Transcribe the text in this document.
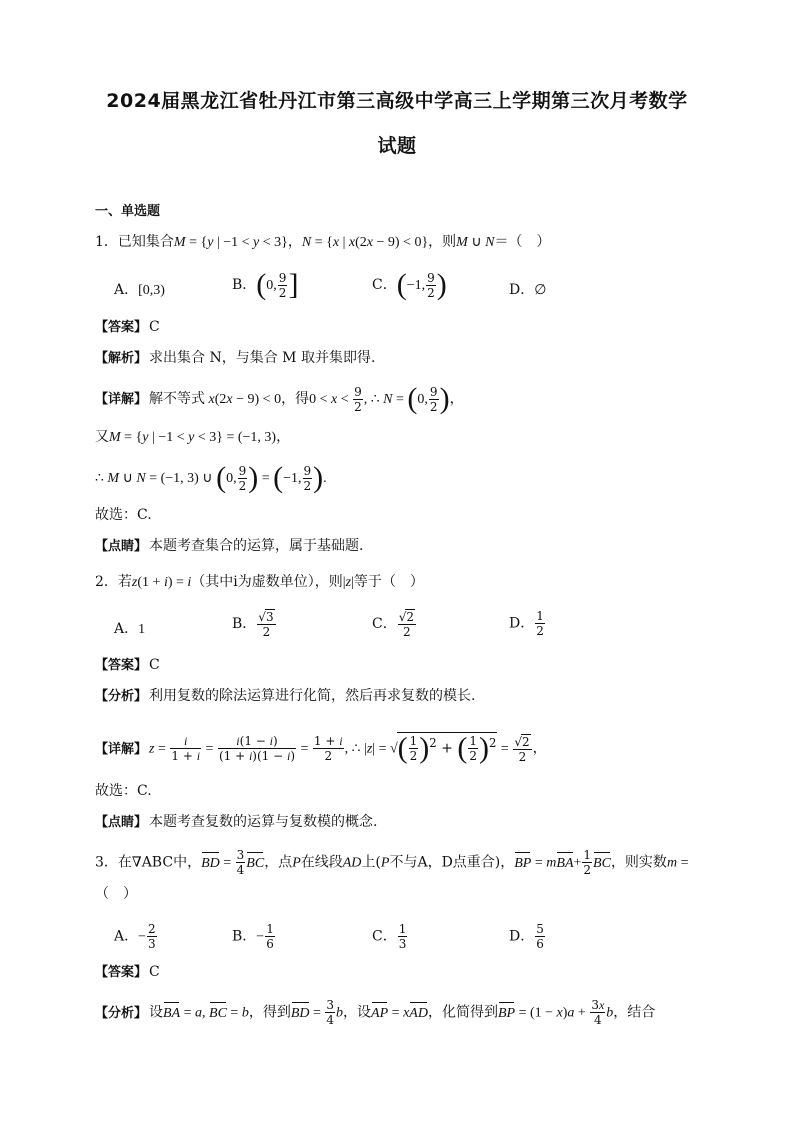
2024届黑龙江省牡丹江市第三高级中学高三上学期第三次月考数学
试题
一、单选题
1．已知集合M = {y | −1 < y < 3}，N = {x | x(2x − 9) < 0}，则M ∪ N＝（　）
A．[0,3)	B．(0, $\frac{9}{2}$ ]	C．(−1, $\frac{9}{2}$ )	D．∅
【答案】 C
【解析】 求出集合 N，与集合 M 取并集即得.
【详解】 解不等式 x(2x − 9) < 0，得$0 < x < \frac{9}{2}$ , ∴ N = (0, $\frac{9}{2}$ )，
又M = {y | −1 < y < 3} = (−1, 3)，
∴ M ∪ N = (−1, 3) ∪ (0, $\frac{9}{2}$ ) = (−1, $\frac{9}{2}$ ).
故选：C.
【点睛】 本题考查集合的运算，属于基础题.
2．若z(1 + i) = i（其中i为虚数单位），则|z|等于（　）
A．1	B． $\frac{√3}{2}$	C． $\frac{√2}{2}$	D． $\frac{1}{2}$
【答案】 C
【分析】 利用复数的除法运算进行化简，然后再求复数的模长.
【详解】 $z = \frac{i}{1 + i} = \frac{i(1 - i)}{(1 + i)(1 - i)} = \frac{1 + i}{2}$ , ∴ |z| = √( $\frac{1}{2} )^2$ + ( $\frac{1}{2} )^2 = \frac{√2}{2}$ ，
故选：C.
【点睛】 本题考查复数的运算与复数模的概念.
3．在∇ABC中，BD = $\frac{3}{4}$ BC，点P在线段AD上(P不与A，D点重合)，BP = $mBA+ \frac{1}{2}$ BC，则实数m =
（　）
A．− $\frac{2}{3}$	B．− $\frac{1}{6}$	C． $\frac{1}{3}$	D． $\frac{5}{6}$
【答案】 C
【分析】 设BA = a, BC = b，得到BD = $\frac{3}{4}$ b，设AP = xAD，化简得到BP = $(1 - x)a + \frac{3x}{4}$ b，结合
